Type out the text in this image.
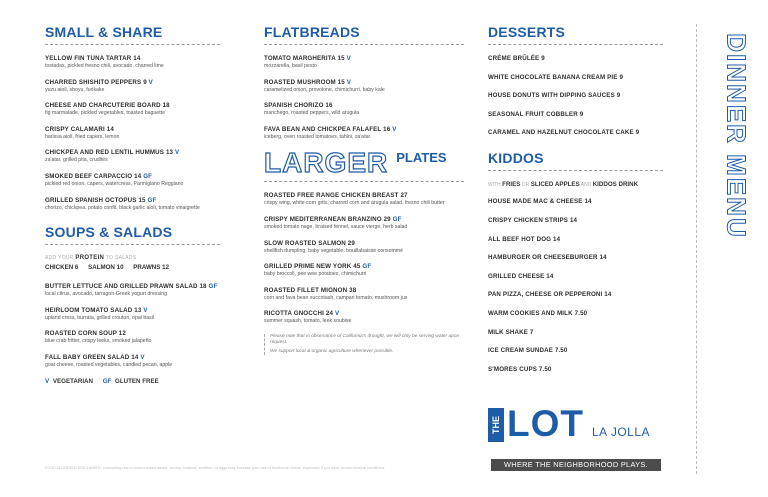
SMALL & SHARE
YELLOW FIN TUNA TARTAR 14
tostadas, pickled fresno chili, avocado, charred lime
CHARRED SHISHITO PEPPERS 9 V
yuzu aioli, shoyu, furikake
CHEESE AND CHARCUTERIE BOARD 18
fig marmalade, pickled vegetables, toasted baguette
CRISPY CALAMARI 14
harissa aioli, fried capers, lemon
CHICKPEA AND RED LENTIL HUMMUS 13 V
za'atar, grilled pita, crudités
SMOKED BEEF CARPACCIO 14 GF
pickled red onion, capers, watercress, Parmigiano Reggiano
GRILLED SPANISH OCTOPUS 15 GF
chorizo, chickpea, potato confit, black garlic aioli, tomato vinaigrette
SOUPS & SALADS
ADD YOUR PROTEIN TO SALADS
CHICKEN 6 SALMON 10 PRAWNS 12
BUTTER LETTUCE AND GRILLED PRAWN SALAD 18 GF
local citrus, avocado, tarragon-Greek yogurt dressing
HEIRLOOM TOMATO SALAD 13 V
upland cress, burrata, grilled crouton, opal basil
ROASTED CORN SOUP 12
blue crab fritter, crispy leeks, smoked jalapeño
FALL BABY GREEN SALAD 14 V
goat cheese, roasted vegetables, candied pecan, apple
V VEGETARIAN GF GLUTEN FREE
FLATBREADS
TOMATO MARGHERITA 15 V
mozzarella, basil pesto
ROASTED MUSHROOM 15 V
caramelized onion, provolone, chimichurri, baby kale
SPANISH CHORIZO 16
manchego, roasted peppers, wild arugula
FAVA BEAN AND CHICKPEA FALAFEL 16 V
iceberg, oven roasted tomatoes, tahini, za'atar
LARGER PLATES
ROASTED FREE RANGE CHICKEN BREAST 27
crispy wing, white corn grits, charred corn and arugula salad, fresno chili butter
CRISPY MEDITERRANEAN BRANZINO 29 GF
smoked tomato nage, braised fennel, sauce vierge, herb salad
SLOW ROASTED SALMON 29
shellfish dumpling, baby vegetable, bouillabaisse consommé
GRILLED PRIME NEW YORK 45 GF
baby broccoli, pee wee potatoes, chimichurri
ROASTED FILLET MIGNON 38
corn and fava bean succotash, campari tomato, mushroom jus
RICOTTA GNOCCHI 24 V
summer squash, tomato, leek soubise

Please note that in observance of California's drought, we will only be serving water upon request.

We support local & organic agriculture whenever possible.

DESSERTS
CRÈME BRÛLÉE 9
WHITE CHOCOLATE BANANA CREAM PIE 9
HOUSE DONUTS WITH DIPPING SAUCES 9
SEASONAL FRUIT COBBLER 9
CARAMEL AND HAZELNUT CHOCOLATE CAKE 9
KIDDOS
WITH FRIES OR SLICED APPLES AND KIDDOS DRINK
HOUSE MADE MAC & CHEESE 14
CRISPY CHICKEN STRIPS 14
ALL BEEF HOT DOG 14
HAMBURGER OR CHEESEBURGER 14
GRILLED CHEESE 14
PAN PIZZA, CHEESE OR PEPPERONI 14
WARM COOKIES AND MILK 7.50
MILK SHAKE 7
ICE CREAM SUNDAE 7.50
S'MORES CUPS 7.50
DINNER MENU
THE LOT LA JOLLA
WHERE THE NEIGHBORHOOD PLAYS.
FOOD ALLERGEN DISCLAIMER: consuming raw or undercooked meats, poultry, seafood, shellfish, or eggs may increase your risk of foodborne illness, especially if you have certain medical conditions.
